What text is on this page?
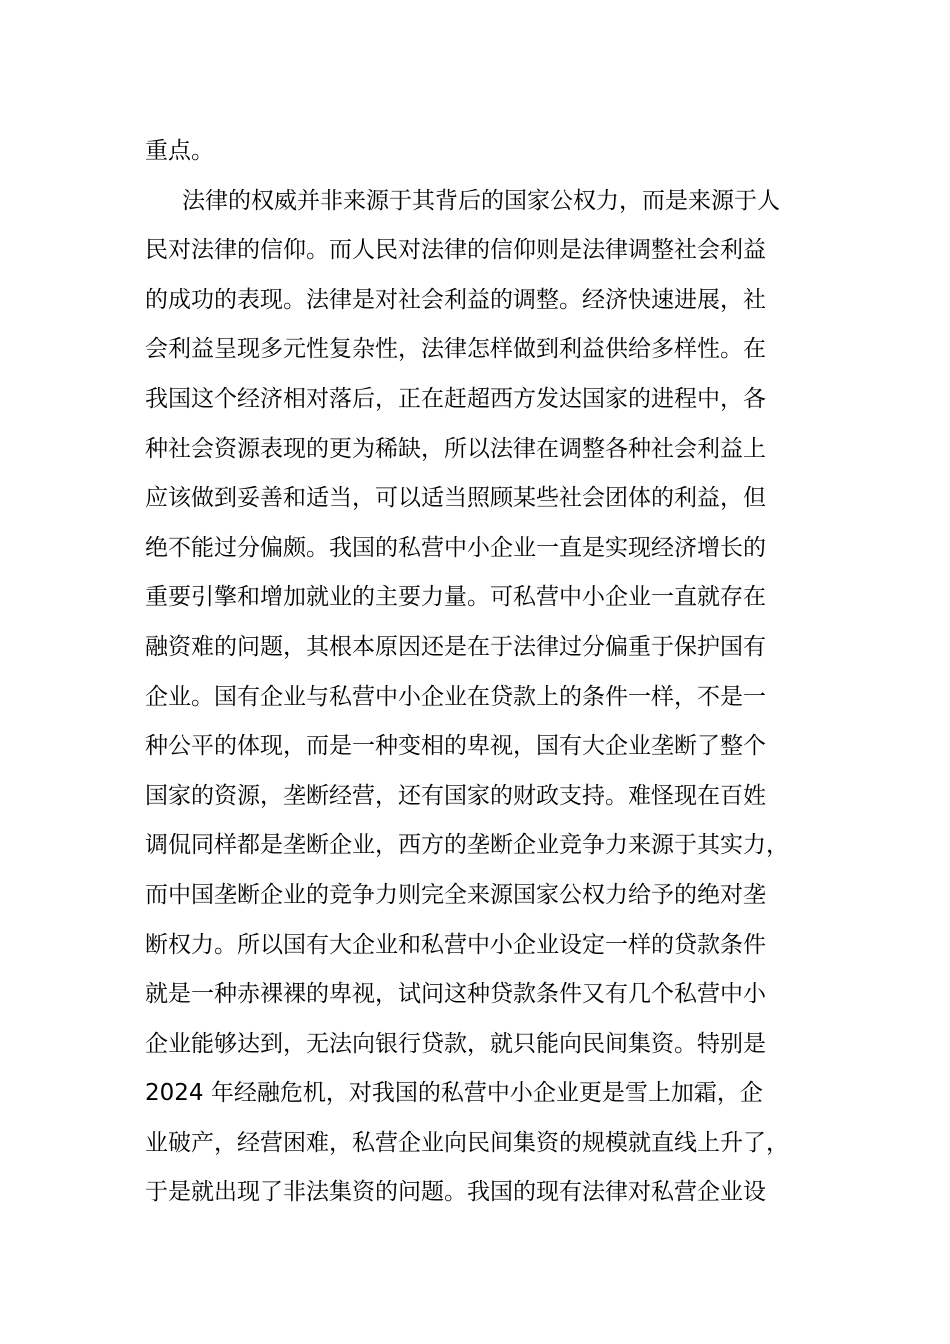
重点。
法律的权威并非来源于其背后的国家公权力，而是来源于人
民对法律的信仰。而人民对法律的信仰则是法律调整社会利益
的成功的表现。法律是对社会利益的调整。经济快速进展，社
会利益呈现多元性复杂性，法律怎样做到利益供给多样性。在
我国这个经济相对落后，正在赶超西方发达国家的进程中，各
种社会资源表现的更为稀缺，所以法律在调整各种社会利益上
应该做到妥善和适当，可以适当照顾某些社会团体的利益，但
绝不能过分偏颇。我国的私营中小企业一直是实现经济增长的
重要引擎和增加就业的主要力量。可私营中小企业一直就存在
融资难的问题，其根本原因还是在于法律过分偏重于保护国有
企业。国有企业与私营中小企业在贷款上的条件一样，不是一
种公平的体现，而是一种变相的卑视，国有大企业垄断了整个
国家的资源，垄断经营，还有国家的财政支持。难怪现在百姓
调侃同样都是垄断企业，西方的垄断企业竞争力来源于其实力，
而中国垄断企业的竞争力则完全来源国家公权力给予的绝对垄
断权力。所以国有大企业和私营中小企业设定一样的贷款条件
就是一种赤裸裸的卑视，试问这种贷款条件又有几个私营中小
企业能够达到，无法向银行贷款，就只能向民间集资。特别是
2024 年经融危机，对我国的私营中小企业更是雪上加霜，企
业破产，经营困难，私营企业向民间集资的规模就直线上升了，
于是就出现了非法集资的问题。我国的现有法律对私营企业设
